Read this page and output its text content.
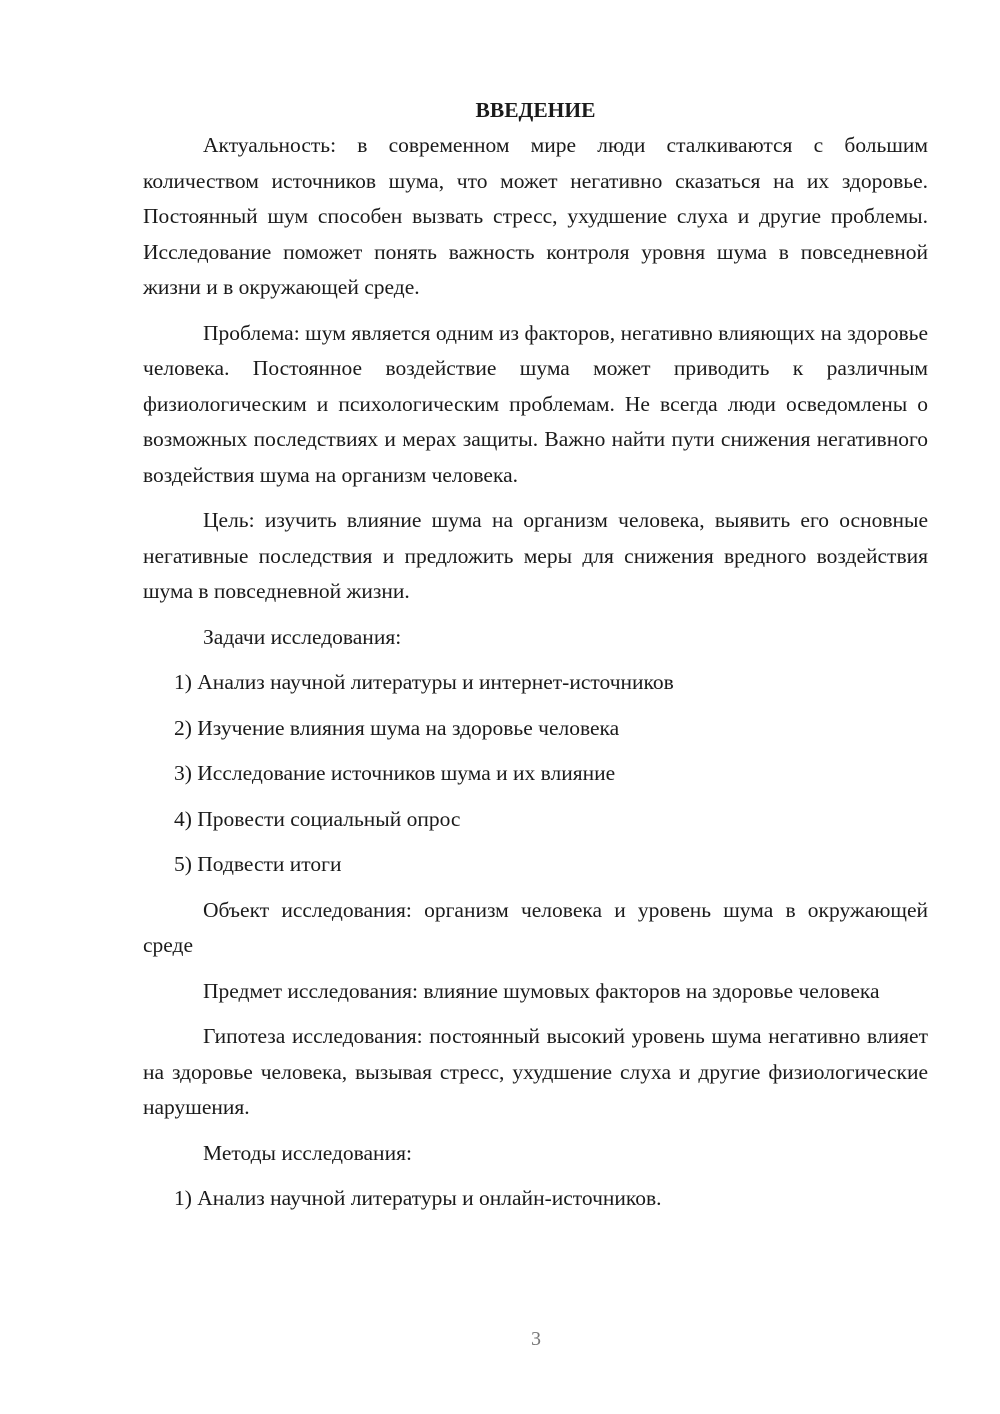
ВВЕДЕНИЕ

Актуальность: в современном мире люди сталкиваются с большим количеством источников шума, что может негативно сказаться на их здоровье. Постоянный шум способен вызвать стресс, ухудшение слуха и другие проблемы. Исследование поможет понять важность контроля уровня шума в повседневной жизни и в окружающей среде.

Проблема: шум является одним из факторов, негативно влияющих на здоровье человека. Постоянное воздействие шума может приводить к различным физиологическим и психологическим проблемам. Не всегда люди осведомлены о возможных последствиях и мерах защиты. Важно найти пути снижения негативного воздействия шума на организм человека.

Цель: изучить влияние шума на организм человека, выявить его основные негативные последствия и предложить меры для снижения вредного воздействия шума в повседневной жизни.

Задачи исследования:

1) Анализ научной литературы и интернет-источников
2) Изучение влияния шума на здоровье человека
3) Исследование источников шума и их влияние
4) Провести социальный опрос
5) Подвести итоги

Объект исследования: организм человека и уровень шума в окружающей среде

Предмет исследования: влияние шумовых факторов на здоровье человека

Гипотеза исследования: постоянный высокий уровень шума негативно влияет на здоровье человека, вызывая стресс, ухудшение слуха и другие физиологические нарушения.

Методы исследования:

1) Анализ научной литературы и онлайн-источников.
3
